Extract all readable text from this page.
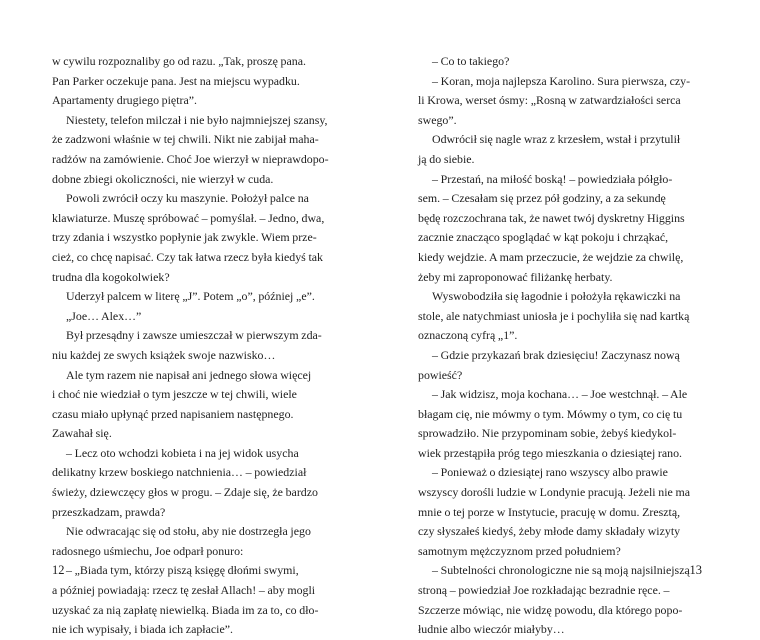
w cywilu rozpoznaliby go od razu. „Tak, proszę pana.
Pan Parker oczekuje pana. Jest na miejscu wypadku.
Apartamenty drugiego piętra”.

Niestety, telefon milczał i nie było najmniejszej szansy,
że zadzwoni właśnie w tej chwili. Nikt nie zabijał maha-
radżów na zamówienie. Choć Joe wierzył w nieprawdopo-
dobne zbiegi okoliczności, nie wierzył w cuda.

Powoli zwrócił oczy ku maszynie. Położył palce na
klawiaturze. Muszę spróbować – pomyślał. – Jedno, dwa,
trzy zdania i wszystko popłynie jak zwykle. Wiem prze-
cież, co chcę napisać. Czy tak łatwa rzecz była kiedyś tak
trudna dla kogokolwiek?

Uderzył palcem w literę „J”. Potem „o”, później „e”.

„Joe… Alex…”

Był przesądny i zawsze umieszczał w pierwszym zda-
niu każdej ze swych książek swoje nazwisko…

Ale tym razem nie napisał ani jednego słowa więcej
i choć nie wiedział o tym jeszcze w tej chwili, wiele
czasu miało upłynąć przed napisaniem następnego.
Zawahał się.

– Lecz oto wchodzi kobieta i na jej widok usycha
delikatny krzew boskiego natchnienia… – powiedział
świeży, dziewczęcy głos w progu. – Zdaje się, że bardzo
przeszkadzam, prawda?

Nie odwracając się od stołu, aby nie dostrzegła jego
radosnego uśmiechu, Joe odparł ponuro:

– „Biada tym, którzy piszą księgę dłońmi swymi,
a później powiadają: rzecz tę zesłał Allach! – aby mogli
uzyskać za nią zapłatę niewielką. Biada im za to, co dło-
nie ich wypisały, i biada ich zapłacie”.

12

– Co to takiego?

– Koran, moja najlepsza Karolino. Sura pierwsza, czy-
li Krowa, werset ósmy: „Rosną w zatwardziałości serca
swego”.

Odwrócił się nagle wraz z krzesłem, wstał i przytulił
ją do siebie.

– Przestań, na miłość boską! – powiedziała półgło-
sem. – Czesałam się przez pół godziny, a za sekundę
będę rozczochrana tak, że nawet twój dyskretny Higgins
zacznie znacząco spoglądać w kąt pokoju i chrząkać,
kiedy wejdzie. A mam przeczucie, że wejdzie za chwilę,
żeby mi zaproponować filiżankę herbaty.

Wyswobodziła się łagodnie i położyła rękawiczki na
stole, ale natychmiast uniosła je i pochyliła się nad kartką
oznaczoną cyfrą „1”.

– Gdzie przykazań brak dziesięciu! Zaczynasz nową
powieść?

– Jak widzisz, moja kochana… – Joe westchnął. – Ale
błagam cię, nie mówmy o tym. Mówmy o tym, co cię tu
sprowadziło. Nie przypominam sobie, żebyś kiedykol-
wiek przestąpiła próg tego mieszkania o dziesiątej rano.

– Ponieważ o dziesiątej rano wszyscy albo prawie
wszyscy dorośli ludzie w Londynie pracują. Jeżeli nie ma
mnie o tej porze w Instytucie, pracuję w domu. Zresztą,
czy słyszałeś kiedyś, żeby młode damy składały wizyty
samotnym mężczyznom przed południem?

– Subtelności chronologiczne nie są moją najsilniejszą
stroną – powiedział Joe rozkładając bezradnie ręce. –
Szczerze mówiąc, nie widzę powodu, dla którego popo-
łudnie albo wieczór miałyby…

13
